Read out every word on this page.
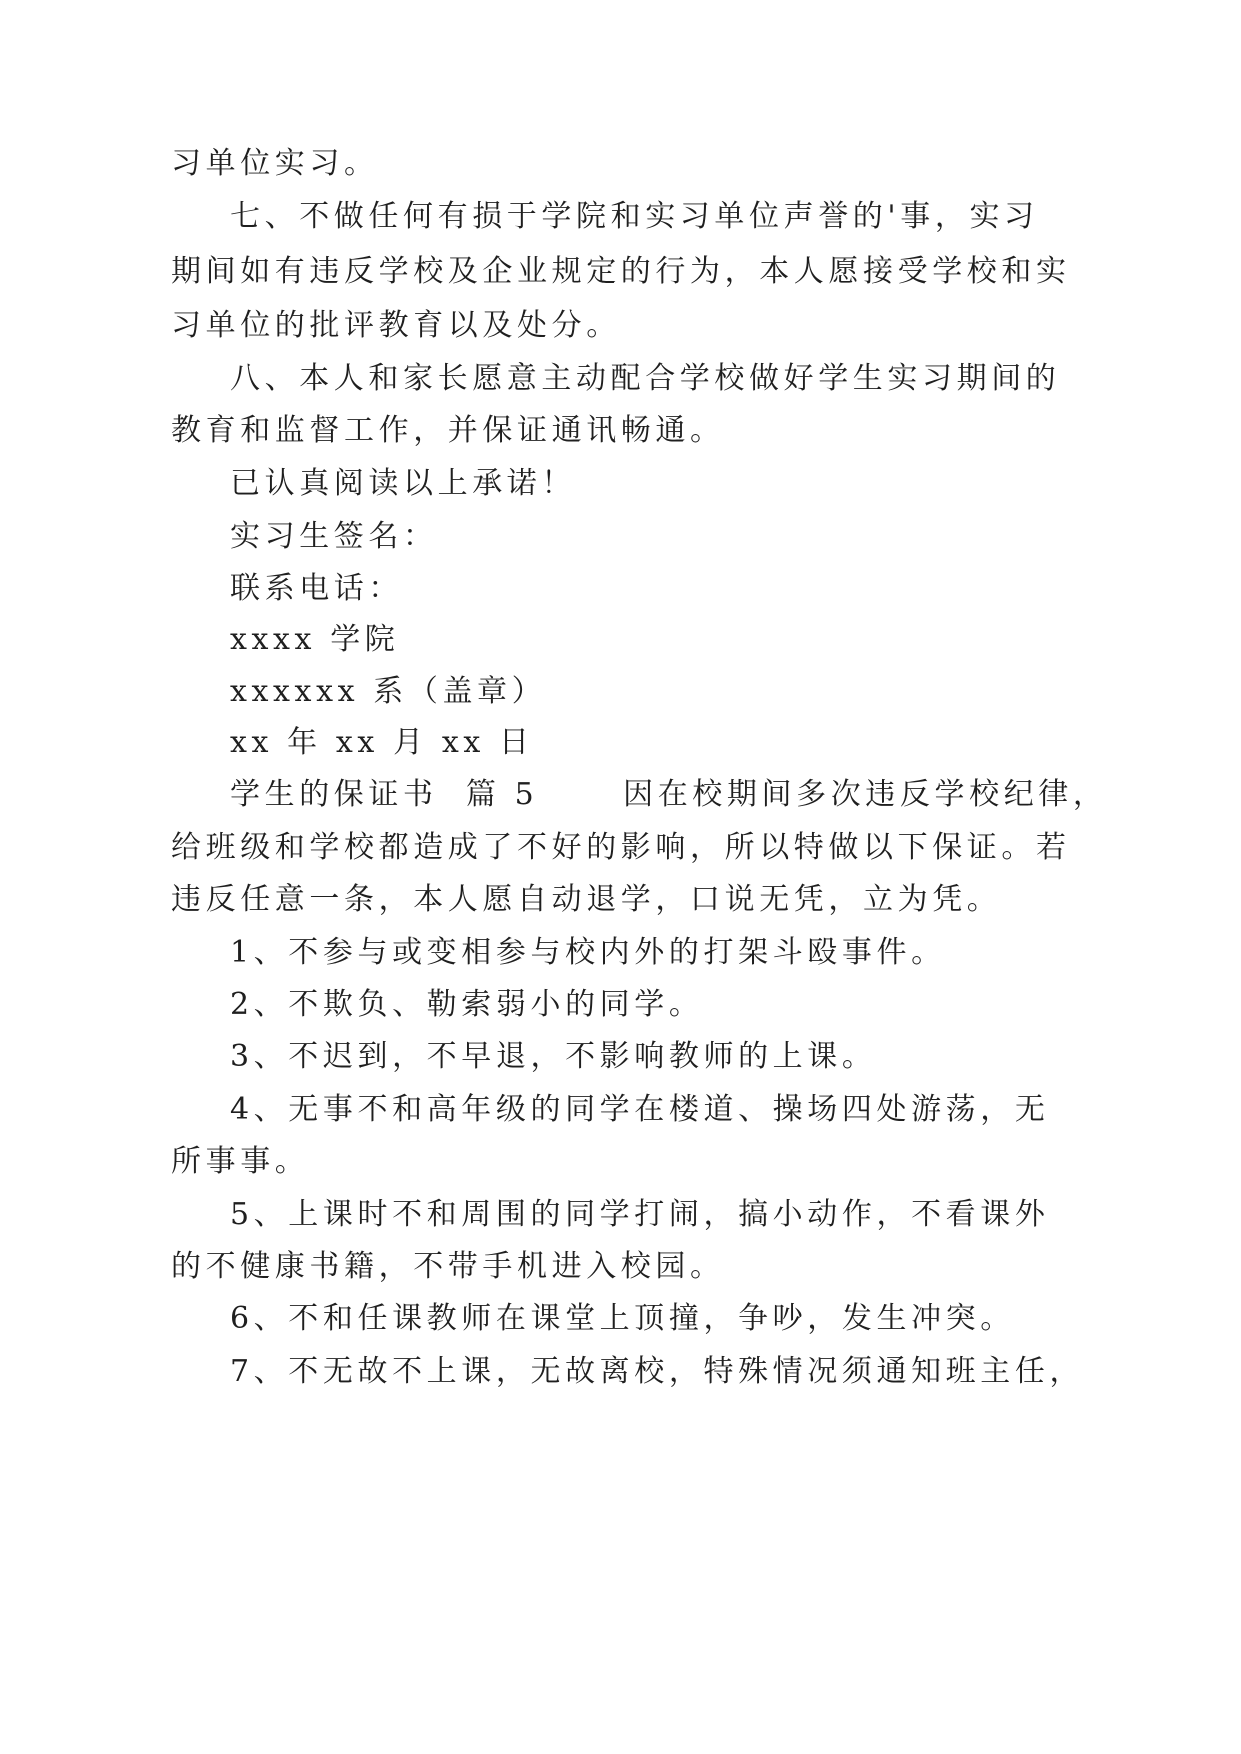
习单位实习。
七、不做任何有损于学院和实习单位声誉的'事，实习
期间如有违反学校及企业规定的行为，本人愿接受学校和实
习单位的批评教育以及处分。
八、本人和家长愿意主动配合学校做好学生实习期间的
教育和监督工作，并保证通讯畅通。
已认真阅读以上承诺！
实习生签名：
联系电话：
xxxx 学院
xxxxxx 系（盖章）
xx 年 xx 月 xx 日
学生的保证书  篇 5      因在校期间多次违反学校纪律，
给班级和学校都造成了不好的影响，所以特做以下保证。若
违反任意一条，本人愿自动退学，口说无凭，立为凭。
1、不参与或变相参与校内外的打架斗殴事件。
2、不欺负、勒索弱小的同学。
3、不迟到，不早退，不影响教师的上课。
4、无事不和高年级的同学在楼道、操场四处游荡，无
所事事。
5、上课时不和周围的同学打闹，搞小动作，不看课外
的不健康书籍，不带手机进入校园。
6、不和任课教师在课堂上顶撞，争吵，发生冲突。
7、不无故不上课，无故离校，特殊情况须通知班主任，
